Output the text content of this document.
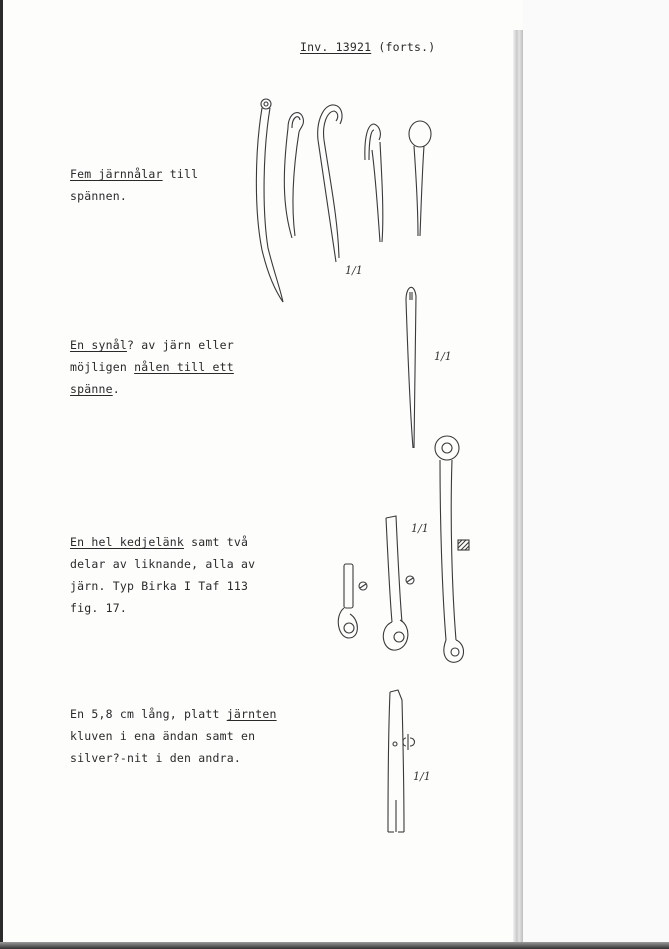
Inv. 13921 (forts.)
Fem järnnålar till
spännen.
En synål? av järn eller
möjligen nålen till ett
spänne.
En hel kedjelänk samt två
delar av liknande, alla av
järn. Typ Birka I Taf 113
fig. 17.
En 5,8 cm lång, platt järnten
kluven i ena ändan samt en
silver?-nit i den andra.
1/1
1/1
1/1
1/1
